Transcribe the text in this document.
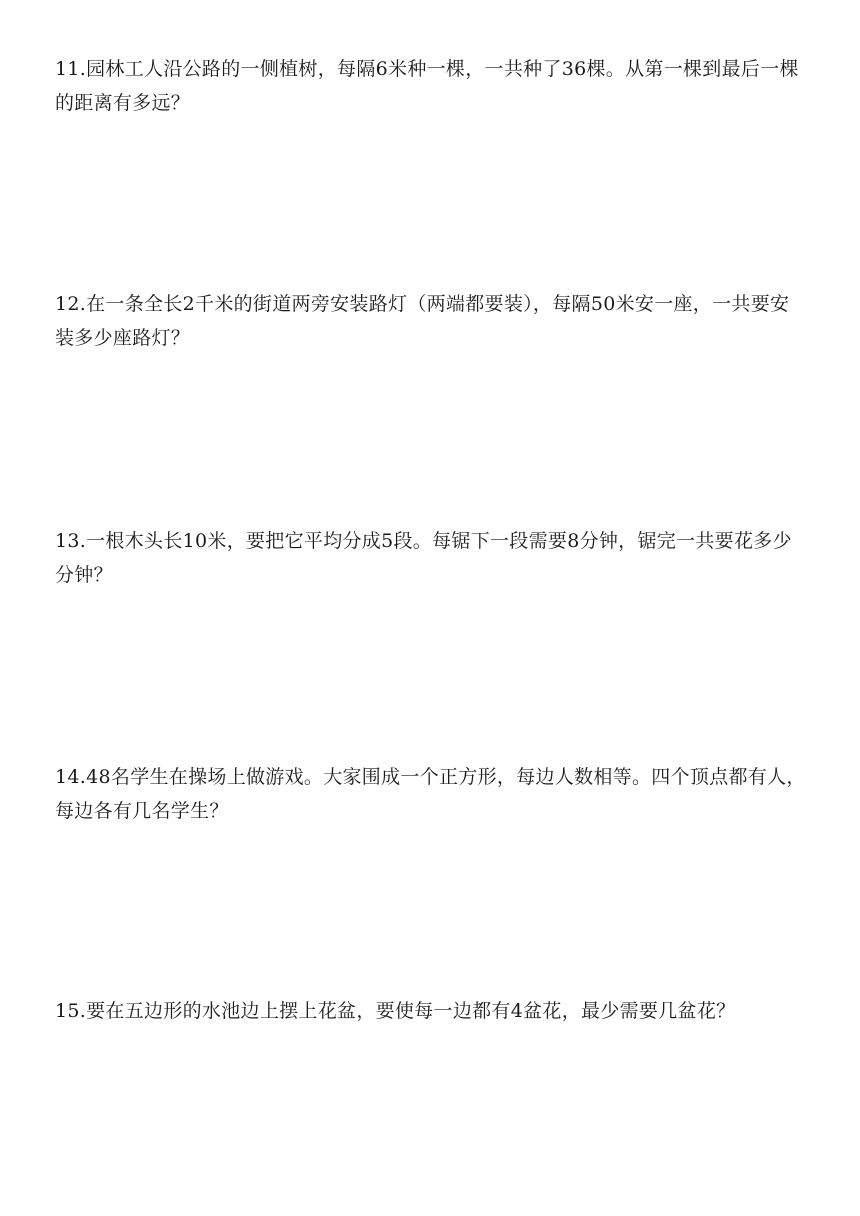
11.园林工人沿公路的一侧植树，每隔6米种一棵，一共种了36棵。从第一棵到最后一棵的距离有多远？

12.在一条全长2千米的街道两旁安装路灯（两端都要装），每隔50米安一座，一共要安装多少座路灯？

13.一根木头长10米，要把它平均分成5段。每锯下一段需要8分钟，锯完一共要花多少分钟？

14.48名学生在操场上做游戏。大家围成一个正方形，每边人数相等。四个顶点都有人，每边各有几名学生？

15.要在五边形的水池边上摆上花盆，要使每一边都有4盆花，最少需要几盆花？
